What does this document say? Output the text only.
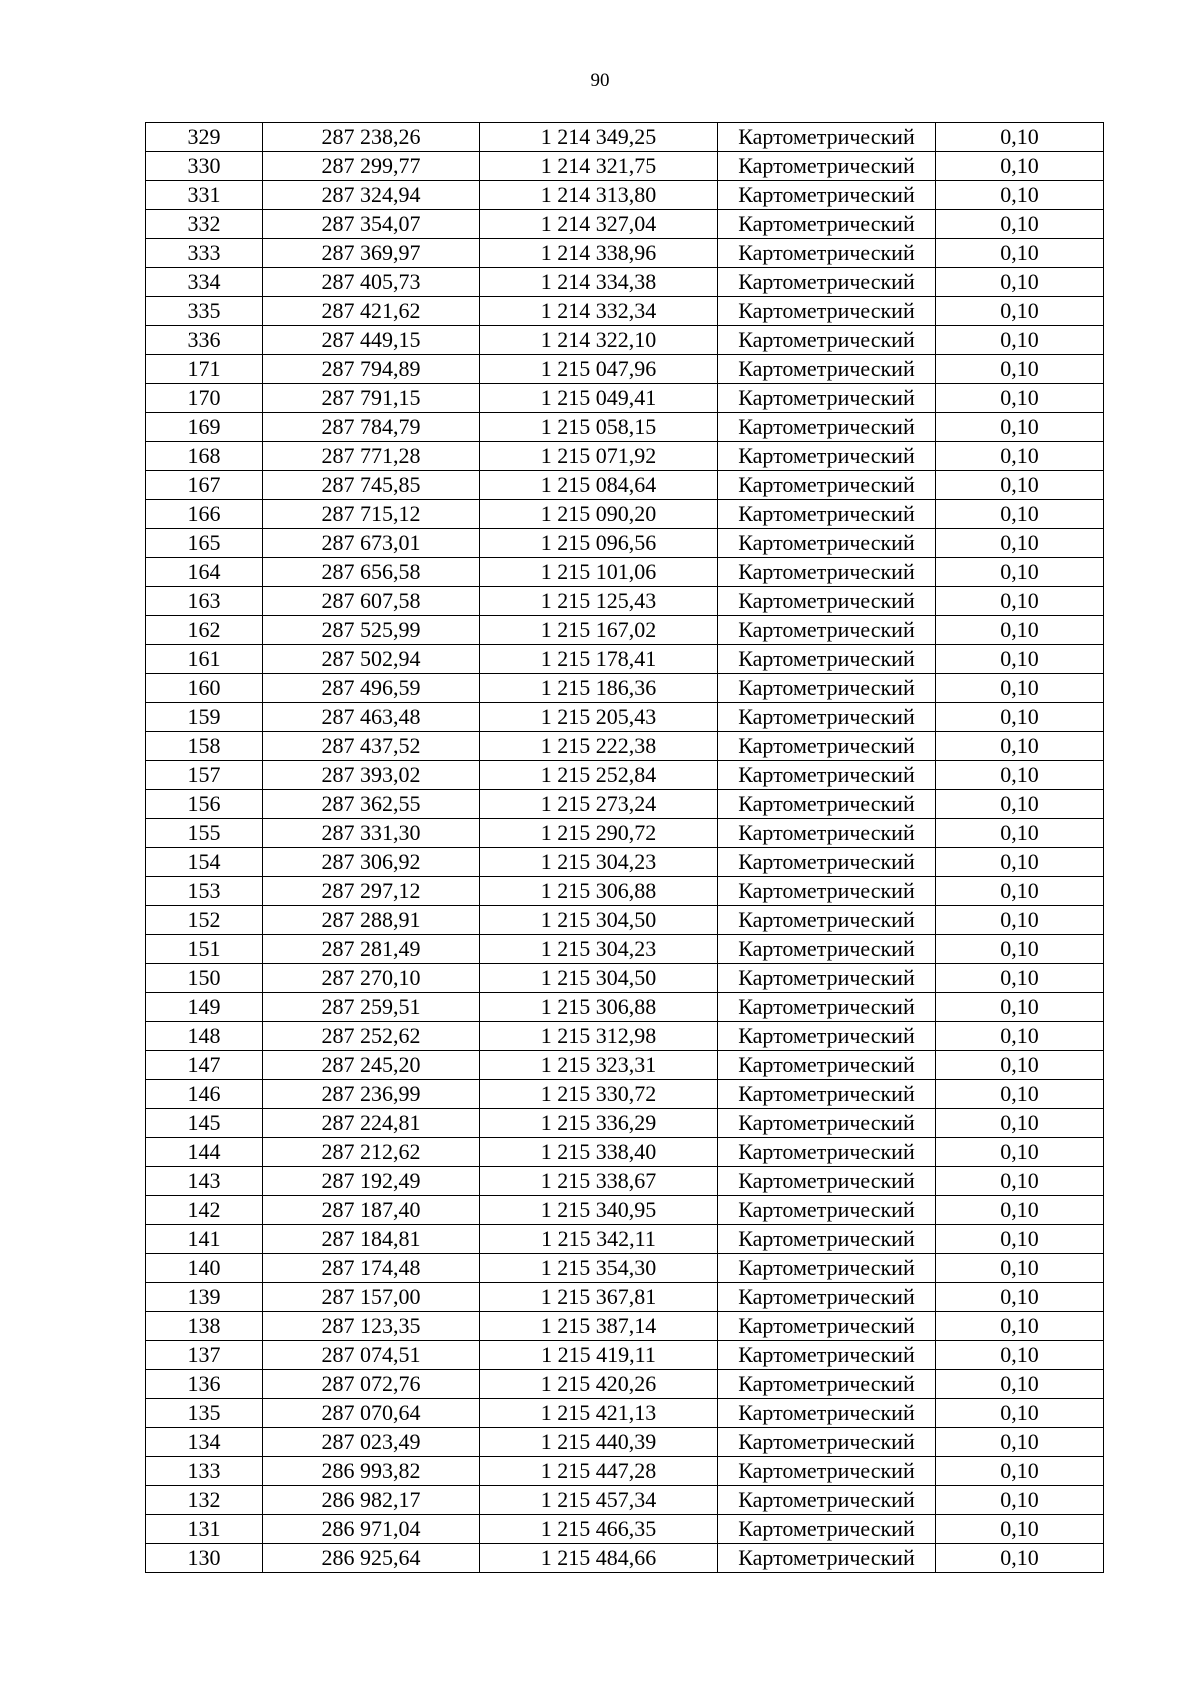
90
329	287 238,26	1 214 349,25	Картометрический	0,10
330	287 299,77	1 214 321,75	Картометрический	0,10
331	287 324,94	1 214 313,80	Картометрический	0,10
332	287 354,07	1 214 327,04	Картометрический	0,10
333	287 369,97	1 214 338,96	Картометрический	0,10
334	287 405,73	1 214 334,38	Картометрический	0,10
335	287 421,62	1 214 332,34	Картометрический	0,10
336	287 449,15	1 214 322,10	Картометрический	0,10
171	287 794,89	1 215 047,96	Картометрический	0,10
170	287 791,15	1 215 049,41	Картометрический	0,10
169	287 784,79	1 215 058,15	Картометрический	0,10
168	287 771,28	1 215 071,92	Картометрический	0,10
167	287 745,85	1 215 084,64	Картометрический	0,10
166	287 715,12	1 215 090,20	Картометрический	0,10
165	287 673,01	1 215 096,56	Картометрический	0,10
164	287 656,58	1 215 101,06	Картометрический	0,10
163	287 607,58	1 215 125,43	Картометрический	0,10
162	287 525,99	1 215 167,02	Картометрический	0,10
161	287 502,94	1 215 178,41	Картометрический	0,10
160	287 496,59	1 215 186,36	Картометрический	0,10
159	287 463,48	1 215 205,43	Картометрический	0,10
158	287 437,52	1 215 222,38	Картометрический	0,10
157	287 393,02	1 215 252,84	Картометрический	0,10
156	287 362,55	1 215 273,24	Картометрический	0,10
155	287 331,30	1 215 290,72	Картометрический	0,10
154	287 306,92	1 215 304,23	Картометрический	0,10
153	287 297,12	1 215 306,88	Картометрический	0,10
152	287 288,91	1 215 304,50	Картометрический	0,10
151	287 281,49	1 215 304,23	Картометрический	0,10
150	287 270,10	1 215 304,50	Картометрический	0,10
149	287 259,51	1 215 306,88	Картометрический	0,10
148	287 252,62	1 215 312,98	Картометрический	0,10
147	287 245,20	1 215 323,31	Картометрический	0,10
146	287 236,99	1 215 330,72	Картометрический	0,10
145	287 224,81	1 215 336,29	Картометрический	0,10
144	287 212,62	1 215 338,40	Картометрический	0,10
143	287 192,49	1 215 338,67	Картометрический	0,10
142	287 187,40	1 215 340,95	Картометрический	0,10
141	287 184,81	1 215 342,11	Картометрический	0,10
140	287 174,48	1 215 354,30	Картометрический	0,10
139	287 157,00	1 215 367,81	Картометрический	0,10
138	287 123,35	1 215 387,14	Картометрический	0,10
137	287 074,51	1 215 419,11	Картометрический	0,10
136	287 072,76	1 215 420,26	Картометрический	0,10
135	287 070,64	1 215 421,13	Картометрический	0,10
134	287 023,49	1 215 440,39	Картометрический	0,10
133	286 993,82	1 215 447,28	Картометрический	0,10
132	286 982,17	1 215 457,34	Картометрический	0,10
131	286 971,04	1 215 466,35	Картометрический	0,10
130	286 925,64	1 215 484,66	Картометрический	0,10
